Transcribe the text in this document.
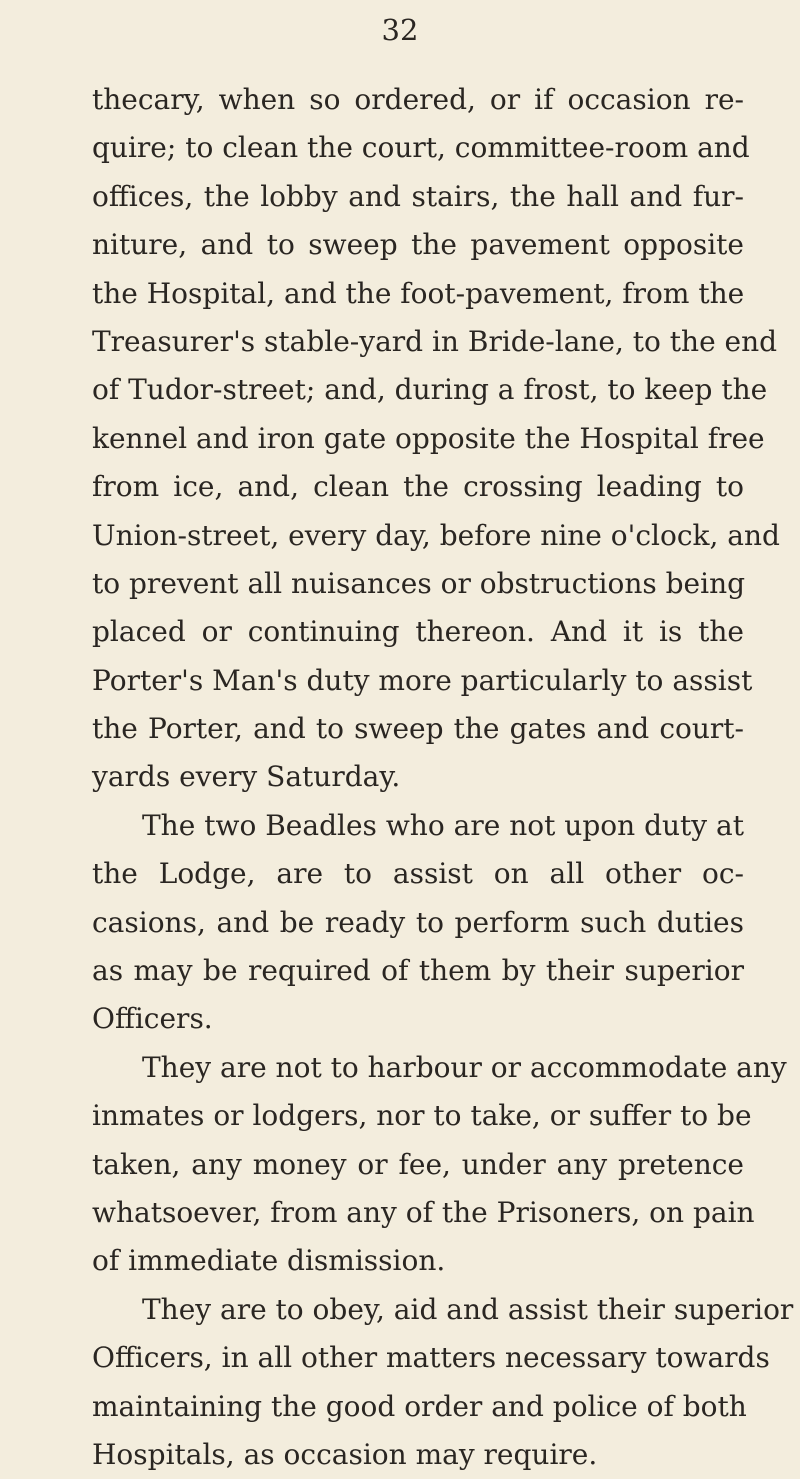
32
thecary, when so ordered, or if occasion re-
quire; to clean the court, committee-room and
offices, the lobby and stairs, the hall and fur-
niture, and to sweep the pavement opposite
the Hospital, and the foot-pavement, from the
Treasurer's stable-yard in Bride-lane, to the end
of Tudor-street; and, during a frost, to keep the
kennel and iron gate opposite the Hospital free
from ice, and, clean the crossing leading to
Union-street, every day, before nine o'clock, and
to prevent all nuisances or obstructions being
placed or continuing thereon. And it is the
Porter's Man's duty more particularly to assist
the Porter, and to sweep the gates and court-
yards every Saturday.
The two Beadles who are not upon duty at
the Lodge, are to assist on all other oc-
casions, and be ready to perform such duties
as may be required of them by their superior
Officers.
They are not to harbour or accommodate any
inmates or lodgers, nor to take, or suffer to be
taken, any money or fee, under any pretence
whatsoever, from any of the Prisoners, on pain
of immediate dismission.
They are to obey, aid and assist their superior
Officers, in all other matters necessary towards
maintaining the good order and police of both
Hospitals, as occasion may require.
